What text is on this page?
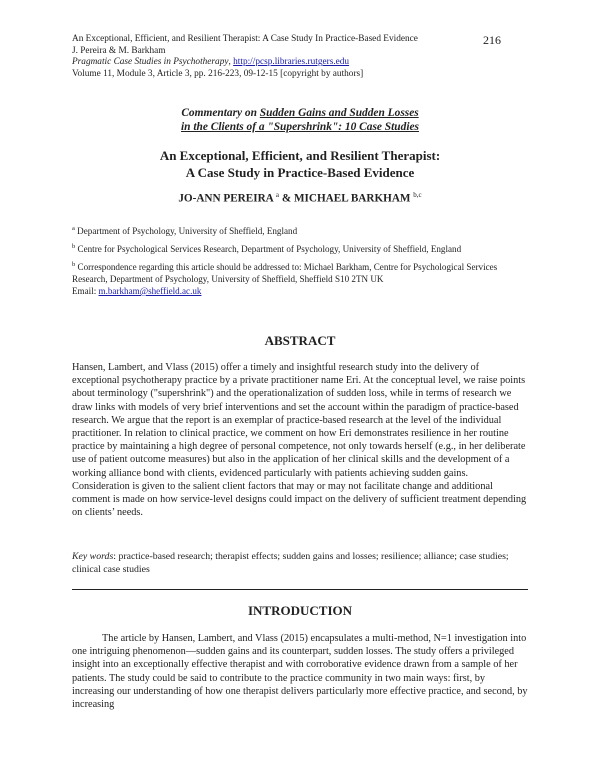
An Exceptional, Efficient, and Resilient Therapist: A Case Study In Practice-Based Evidence
J. Pereira & M. Barkham
Pragmatic Case Studies in Psychotherapy, http://pcsp.libraries.rutgers.edu
Volume 11, Module 3, Article 3, pp. 216-223, 09-12-15 [copyright by authors]
216
Commentary on Sudden Gains and Sudden Losses
in the Clients of a "Supershrink": 10 Case Studies
An Exceptional, Efficient, and Resilient Therapist:
A Case Study in Practice-Based Evidence
JO-ANN PEREIRA $^a$ & MICHAEL BARKHAM $^{b,c}$

$^a$ Department of Psychology, University of Sheffield, England

$^b$ Centre for Psychological Services Research, Department of Psychology, University of Sheffield, England

$^b$ Correspondence regarding this article should be addressed to: Michael Barkham, Centre for Psychological Services Research, Department of Psychology, University of Sheffield, Sheffield S10 2TN UK
Email: m.barkham@sheffield.ac.uk

ABSTRACT

Hansen, Lambert, and Vlass (2015) offer a timely and insightful research study into the delivery of exceptional psychotherapy practice by a private practitioner name Eri. At the conceptual level, we raise points about terminology ("supershrink") and the operationalization of sudden loss, while in terms of research we draw links with models of very brief interventions and set the account within the paradigm of practice-based research. We argue that the report is an exemplar of practice-based research at the level of the individual practitioner. In relation to clinical practice, we comment on how Eri demonstrates resilience in her routine practice by maintaining a high degree of personal competence, not only towards herself (e.g., in her deliberate use of patient outcome measures) but also in the application of her clinical skills and the development of a working alliance bond with clients, evidenced particularly with patients achieving sudden gains. Consideration is given to the salient client factors that may or may not facilitate change and additional comment is made on how service-level designs could impact on the delivery of sufficient treatment depending on clients’ needs.

Key words: practice-based research; therapist effects; sudden gains and losses; resilience; alliance; case studies; clinical case studies
INTRODUCTION

The article by Hansen, Lambert, and Vlass (2015) encapsulates a multi-method, N=1 investigation into one intriguing phenomenon—sudden gains and its counterpart, sudden losses. The study offers a privileged insight into an exceptionally effective therapist and with corroborative evidence drawn from a sample of her patients. The study could be said to contribute to the practice community in two main ways: first, by increasing our understanding of how one therapist delivers particularly more effective practice, and second, by increasing
